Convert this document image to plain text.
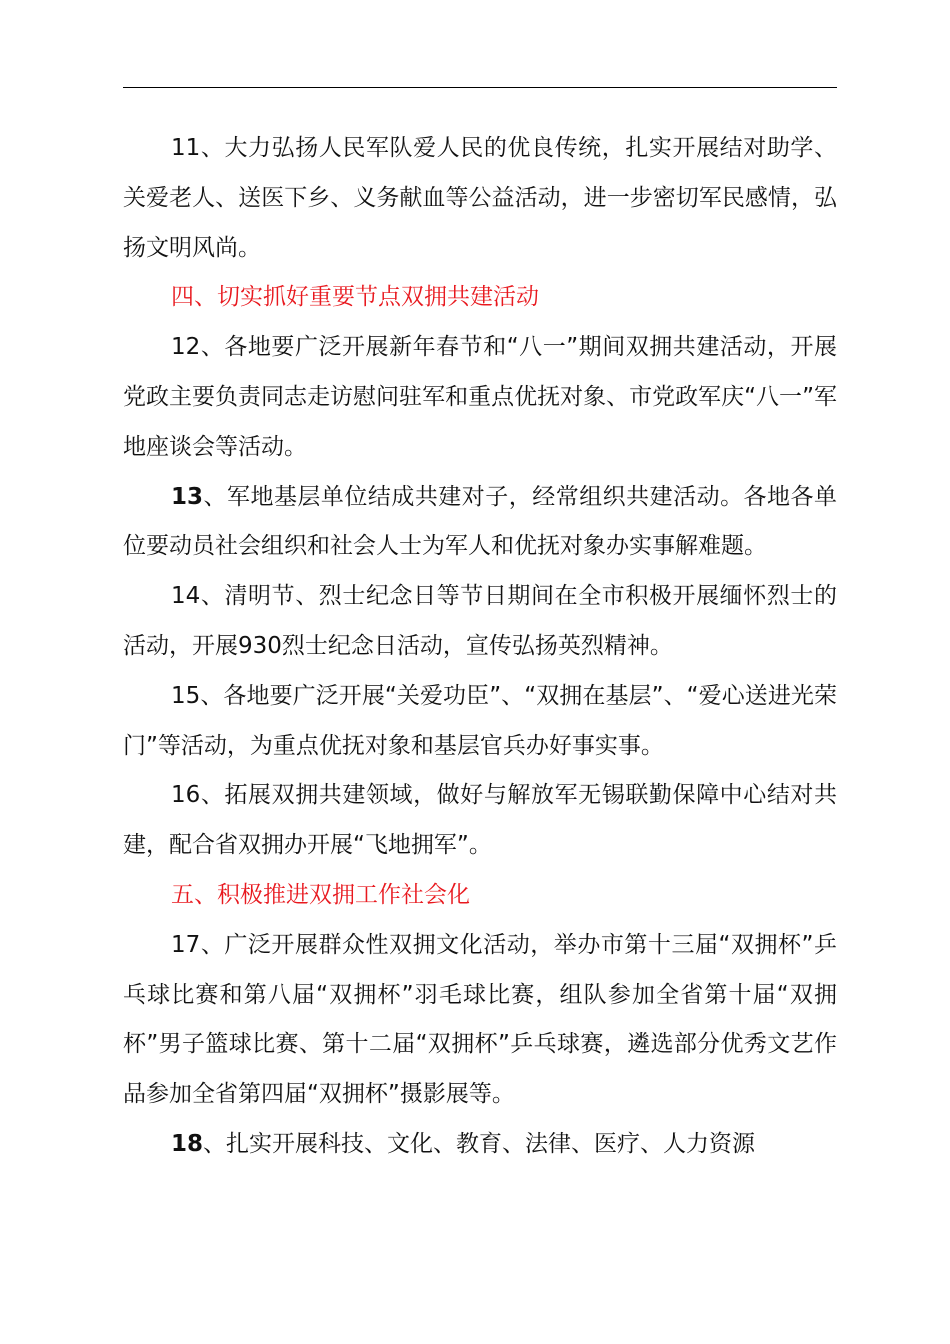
11、大力弘扬人民军队爱人民的优良传统，扎实开展结对助学、关爱老人、送医下乡、义务献血等公益活动，进一步密切军民感情，弘扬文明风尚。

四、切实抓好重要节点双拥共建活动

12、各地要广泛开展新年春节和“八一”期间双拥共建活动，开展党政主要负责同志走访慰问驻军和重点优抚对象、市党政军庆“八一”军地座谈会等活动。

13、军地基层单位结成共建对子，经常组织共建活动。各地各单位要动员社会组织和社会人士为军人和优抚对象办实事解难题。

14、清明节、烈士纪念日等节日期间在全市积极开展缅怀烈士的活动，开展930烈士纪念日活动，宣传弘扬英烈精神。

15、各地要广泛开展“关爱功臣”、“双拥在基层”、“爱心送进光荣门”等活动，为重点优抚对象和基层官兵办好事实事。

16、拓展双拥共建领域，做好与解放军无锡联勤保障中心结对共建，配合省双拥办开展“飞地拥军”。

五、积极推进双拥工作社会化

17、广泛开展群众性双拥文化活动，举办市第十三届“双拥杯”乒乓球比赛和第八届“双拥杯”羽毛球比赛，组队参加全省第十届“双拥杯”男子篮球比赛、第十二届“双拥杯”乒乓球赛，遴选部分优秀文艺作品参加全省第四届“双拥杯”摄影展等。

18、扎实开展科技、文化、教育、法律、医疗、人力资源
